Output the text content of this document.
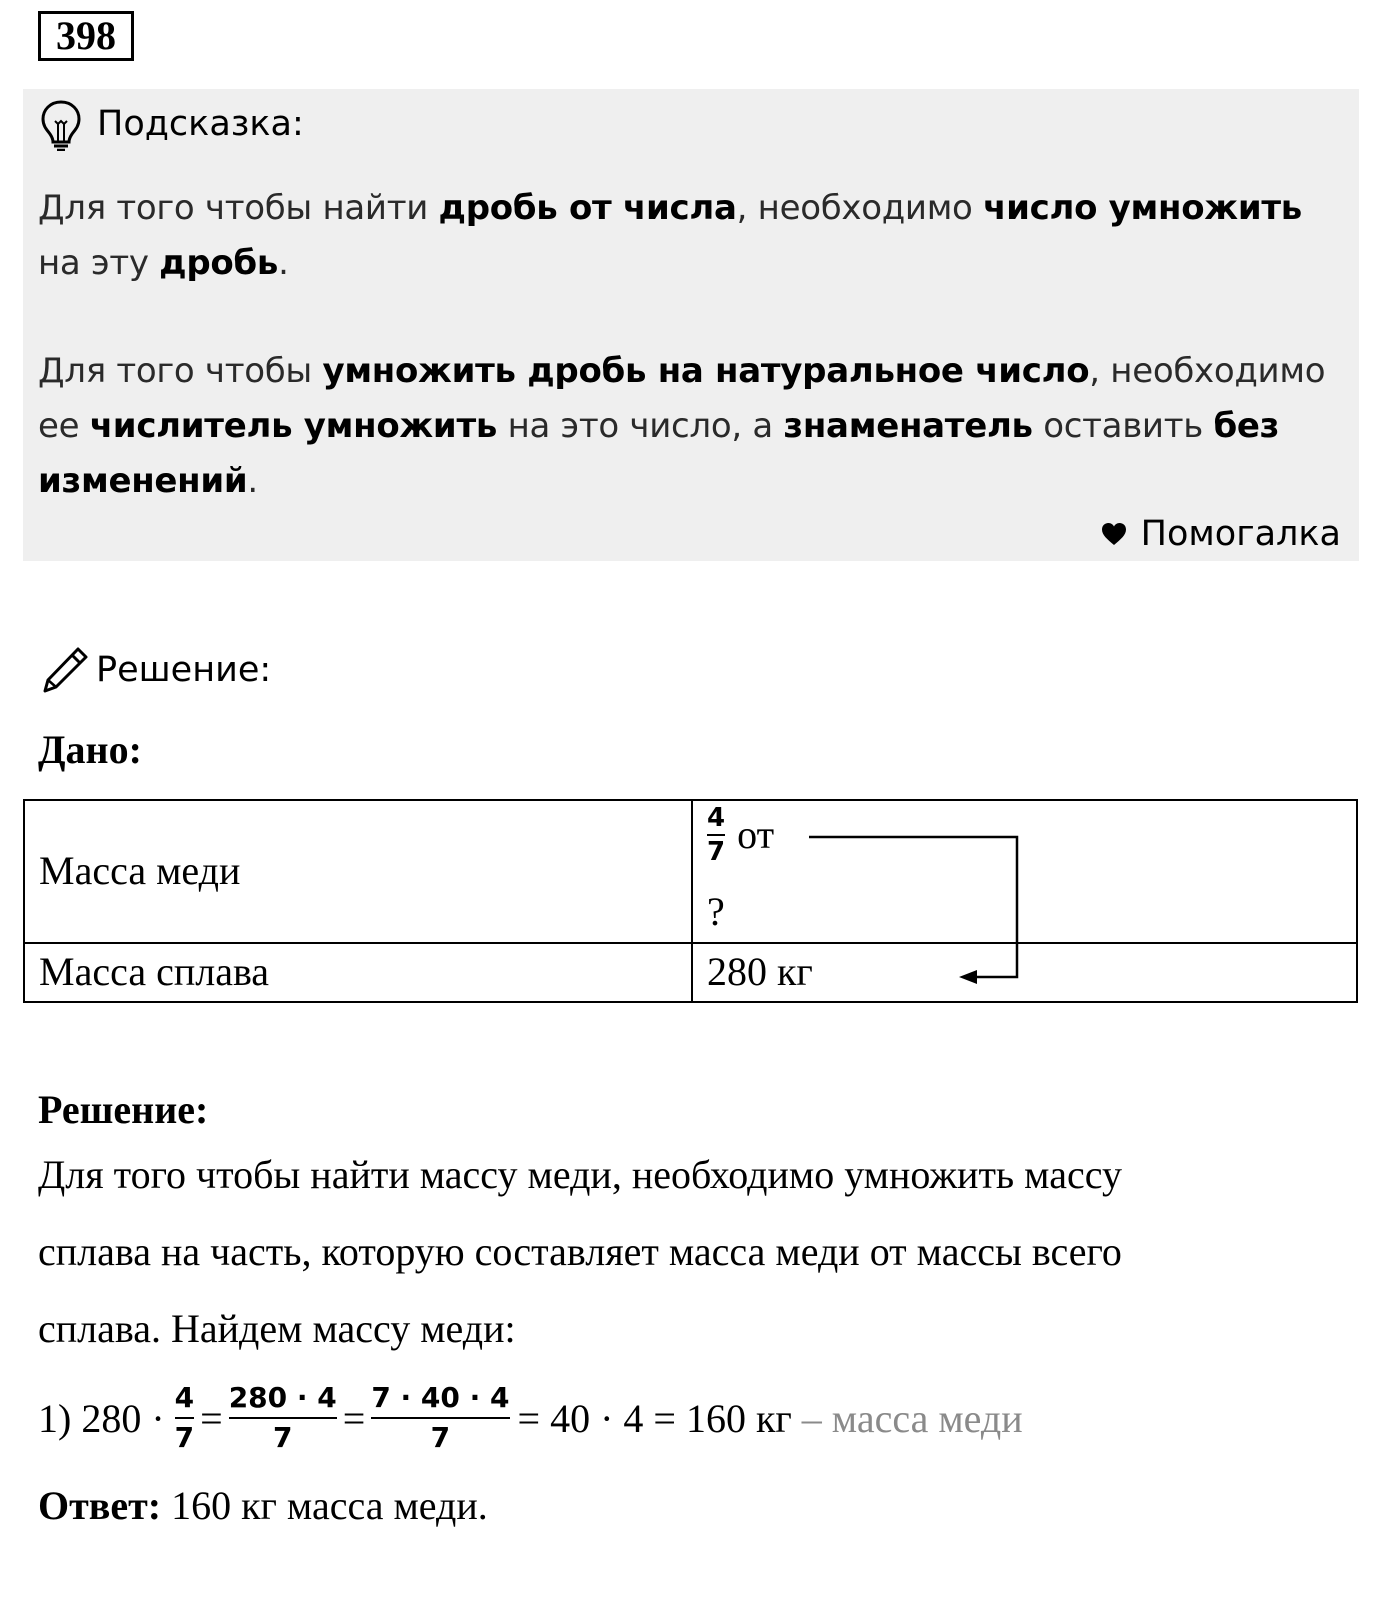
398
Подсказка:
Для того чтобы найти дробь от числа, необходимо число умножить на эту дробь.
Для того чтобы умножить дробь на натуральное число, необходимо ее числитель умножить на это число, а знаменатель оставить без изменений.
Помогалка
Решение:
Дано:
Масса меди
$\frac{4}{7}$ от
?
Масса сплава	280 кг
Решение:
Для того чтобы найти массу меди, необходимо умножить массу
сплава на часть, которую составляет масса меди от массы всего
сплава. Найдем массу меди:
1) $280 \cdot \frac{4}{7} = \frac{280 \cdot 4}{7} = \frac{7 \cdot 40 \cdot 4}{7} = 40 \cdot 4 = 160$ кг – масса меди
Ответ: 160 кг масса меди.
